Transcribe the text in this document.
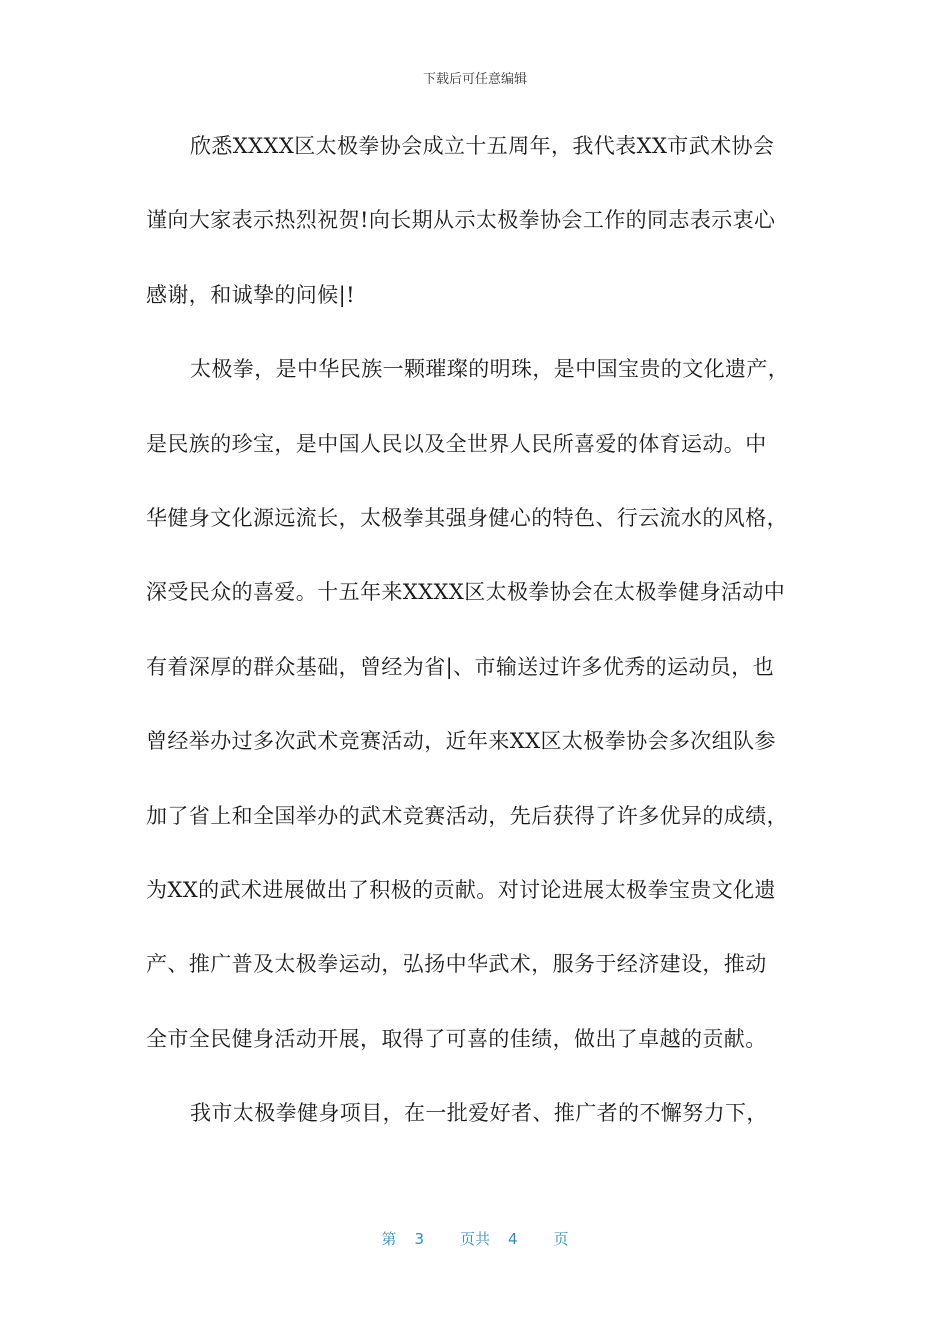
下载后可任意编辑
欣悉XXXX区太极拳协会成立十五周年，我代表XX市武术协会
谨向大家表示热烈祝贺!向长期从示太极拳协会工作的同志表示衷心
感谢，和诚挚的问候|!
太极拳，是中华民族一颗璀璨的明珠，是中国宝贵的文化遗产，
是民族的珍宝，是中国人民以及全世界人民所喜爱的体育运动。中
华健身文化源远流长，太极拳其强身健心的特色、行云流水的风格，
深受民众的喜爱。十五年来XXXX区太极拳协会在太极拳健身活动中
有着深厚的群众基础，曾经为省|、市输送过许多优秀的运动员，也
曾经举办过多次武术竞赛活动，近年来XX区太极拳协会多次组队参
加了省上和全国举办的武术竞赛活动，先后获得了许多优异的成绩，
为XX的武术进展做出了积极的贡献。对讨论进展太极拳宝贵文化遗
产、推广普及太极拳运动，弘扬中华武术，服务于经济建设，推动
全市全民健身活动开展，取得了可喜的佳绩，做出了卓越的贡献。
我市太极拳健身项目，在一批爱好者、推广者的不懈努力下，
第 3 页共 4 页
